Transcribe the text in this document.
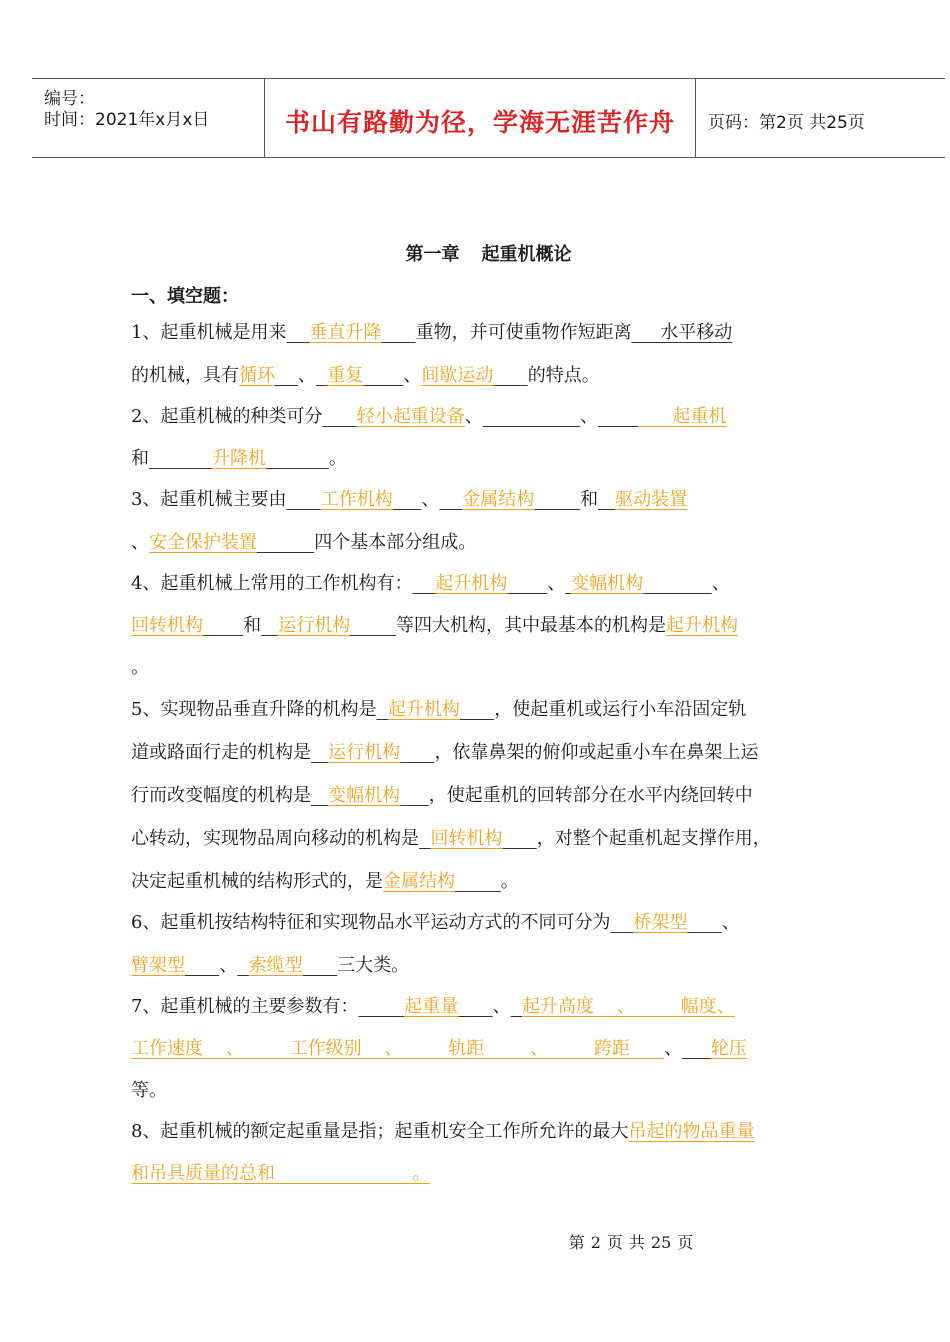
编号：
时间：2021年x月x日	书山有路勤为径，学海无涯苦作舟	页码：第2页 共25页
第一章 起重机概论
一、填空题：
1、起重机械是用来 垂直升降 重物，并可使重物作短距离 水平移动
的机械，具有循环 、 重复 、间歇运动 的特点。
2、起重机械的种类可分 轻小起重设备、	、	起重机
和	升降机	。
3、起重机械主要由 工作机构 、 金属结构	和 驱动装置
、安全保护装置	四个基本部分组成。
4、起重机械上常用的工作机构有： 起升机构 、 变幅机构	、
回转机构 和 运行机构	等四大机构，其中最基本的机构是起升机构
。
5、实现物品垂直升降的机构是 起升机构 ，使起重机或运行小车沿固定轨
道或路面行走的机构是 运行机构 ，依靠鼻架的俯仰或起重小车在鼻架上运
行而改变幅度的机构是 变幅机构 ，使起重机的回转部分在水平内绕回转中
心转动，实现物品周向移动的机构是 回转机构 ，对整个起重机起支撑作用，
决定起重机械的结构形式的，是金属结构	。
6、起重机按结构特征和实现物品水平运动方式的不同可分为 桥架型 、
臂架型 、 索缆型 三大类。
7、起重机械的主要参数有：	起重量 、 起升高度    、        幅度、
工作速度    、        工作级别    、        轨距        、        跨距      、 轮压
等。
8、起重机械的额定起重量是指；起重机安全工作所允许的最大吊起的物品重量
和吊具质量的总和                        。
第 2 页 共 25 页
